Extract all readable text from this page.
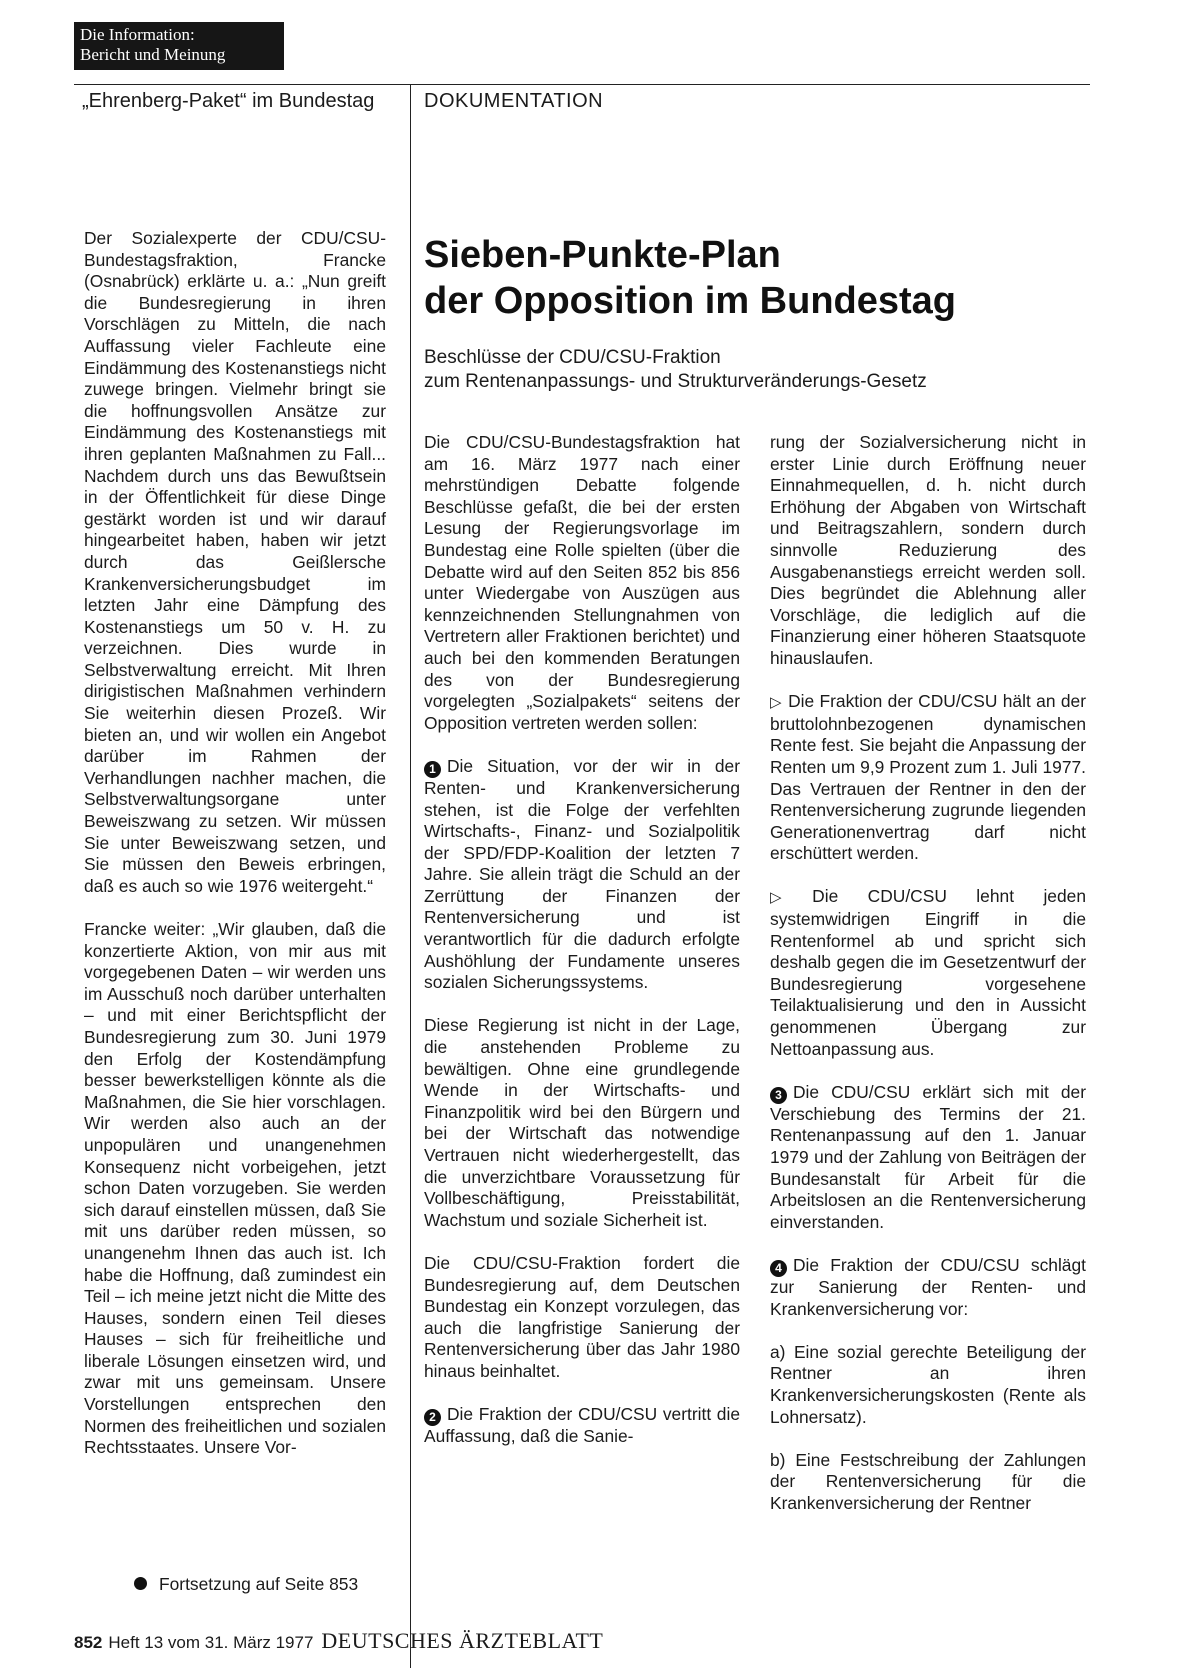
Die Information:
Bericht und Meinung
„Ehrenberg-Paket“ im Bundestag DOKUMENTATION
Sieben-Punkte-Plan
der Opposition im Bundestag
Beschlüsse der CDU/CSU-Fraktion
zum Rentenanpassungs- und Strukturveränderungs-Gesetz

Der Sozialexperte der CDU/CSU-Bundestagsfraktion, Francke (Osnabrück) erklärte u. a.: „Nun greift die Bundesregierung in ihren Vorschlägen zu Mitteln, die nach Auffassung vieler Fachleute eine Eindämmung des Kostenanstiegs nicht zuwege bringen. Vielmehr bringt sie die hoffnungsvollen Ansätze zur Eindämmung des Kostenanstiegs mit ihren geplanten Maßnahmen zu Fall... Nachdem durch uns das Bewußtsein in der Öffentlichkeit für diese Dinge gestärkt worden ist und wir darauf hingearbeitet haben, haben wir jetzt durch das Geißlersche Krankenversicherungsbudget im letzten Jahr eine Dämpfung des Kostenanstiegs um 50 v. H. zu verzeichnen. Dies wurde in Selbstverwaltung erreicht. Mit Ihren dirigistischen Maßnahmen verhindern Sie weiterhin diesen Prozeß. Wir bieten an, und wir wollen ein Angebot darüber im Rahmen der Verhandlungen nachher machen, die Selbstverwaltungsorgane unter Beweiszwang zu setzen. Wir müssen Sie unter Beweiszwang setzen, und Sie müssen den Beweis erbringen, daß es auch so wie 1976 weitergeht.“

Francke weiter: „Wir glauben, daß die konzertierte Aktion, von mir aus mit vorgegebenen Daten – wir werden uns im Ausschuß noch darüber unterhalten – und mit einer Berichtspflicht der Bundesregierung zum 30. Juni 1979 den Erfolg der Kostendämpfung besser bewerkstelligen könnte als die Maßnahmen, die Sie hier vorschlagen. Wir werden also auch an der unpopulären und unangenehmen Konsequenz nicht vorbeigehen, jetzt schon Daten vorzugeben. Sie werden sich darauf einstellen müssen, daß Sie mit uns darüber reden müssen, so unangenehm Ihnen das auch ist. Ich habe die Hoffnung, daß zumindest ein Teil – ich meine jetzt nicht die Mitte des Hauses, sondern einen Teil dieses Hauses – sich für freiheitliche und liberale Lösungen einsetzen wird, und zwar mit uns gemeinsam. Unsere Vorstellungen entsprechen den Normen des freiheitlichen und sozialen Rechtsstaates. Unsere Vor-

Fortsetzung auf Seite 853

Die CDU/CSU-Bundestagsfraktion hat am 16. März 1977 nach einer mehrstündigen Debatte folgende Beschlüsse gefaßt, die bei der ersten Lesung der Regierungsvorlage im Bundestag eine Rolle spielten (über die Debatte wird auf den Seiten 852 bis 856 unter Wiedergabe von Auszügen aus kennzeichnenden Stellungnahmen von Vertretern aller Fraktionen berichtet) und auch bei den kommenden Beratungen des von der Bundesregierung vorgelegten „Sozialpakets“ seitens der Opposition vertreten werden sollen:

1 Die Situation, vor der wir in der Renten- und Krankenversicherung stehen, ist die Folge der verfehlten Wirtschafts-, Finanz- und Sozialpolitik der SPD/FDP-Koalition der letzten 7 Jahre. Sie allein trägt die Schuld an der Zerrüttung der Finanzen der Rentenversicherung und ist verantwortlich für die dadurch erfolgte Aushöhlung der Fundamente unseres sozialen Sicherungssystems.

Diese Regierung ist nicht in der Lage, die anstehenden Probleme zu bewältigen. Ohne eine grundlegende Wende in der Wirtschafts- und Finanzpolitik wird bei den Bürgern und bei der Wirtschaft das notwendige Vertrauen nicht wiederhergestellt, das die unverzichtbare Voraussetzung für Vollbeschäftigung, Preisstabilität, Wachstum und soziale Sicherheit ist.

Die CDU/CSU-Fraktion fordert die Bundesregierung auf, dem Deutschen Bundestag ein Konzept vorzulegen, das auch die langfristige Sanierung der Rentenversicherung über das Jahr 1980 hinaus beinhaltet.

2 Die Fraktion der CDU/CSU vertritt die Auffassung, daß die Sanie-

rung der Sozialversicherung nicht in erster Linie durch Eröffnung neuer Einnahmequellen, d. h. nicht durch Erhöhung der Abgaben von Wirtschaft und Beitragszahlern, sondern durch sinnvolle Reduzierung des Ausgabenanstiegs erreicht werden soll. Dies begründet die Ablehnung aller Vorschläge, die lediglich auf die Finanzierung einer höheren Staatsquote hinauslaufen.

▷ Die Fraktion der CDU/CSU hält an der bruttolohnbezogenen dynamischen Rente fest. Sie bejaht die Anpassung der Renten um 9,9 Prozent zum 1. Juli 1977. Das Vertrauen der Rentner in den der Rentenversicherung zugrunde liegenden Generationenvertrag darf nicht erschüttert werden.

▷ Die CDU/CSU lehnt jeden systemwidrigen Eingriff in die Rentenformel ab und spricht sich deshalb gegen die im Gesetzentwurf der Bundesregierung vorgesehene Teilaktualisierung und den in Aussicht genommenen Übergang zur Nettoanpassung aus.

3 Die CDU/CSU erklärt sich mit der Verschiebung des Termins der 21. Rentenanpassung auf den 1. Januar 1979 und der Zahlung von Beiträgen der Bundesanstalt für Arbeit für die Arbeitslosen an die Rentenversicherung einverstanden.

4 Die Fraktion der CDU/CSU schlägt zur Sanierung der Renten- und Krankenversicherung vor:

a) Eine sozial gerechte Beteiligung der Rentner an ihren Krankenversicherungskosten (Rente als Lohnersatz).

b) Eine Festschreibung der Zahlungen der Rentenversicherung für die Krankenversicherung der Rentner

852 Heft 13 vom 31. März 1977 DEUTSCHES ÄRZTEBLATT
